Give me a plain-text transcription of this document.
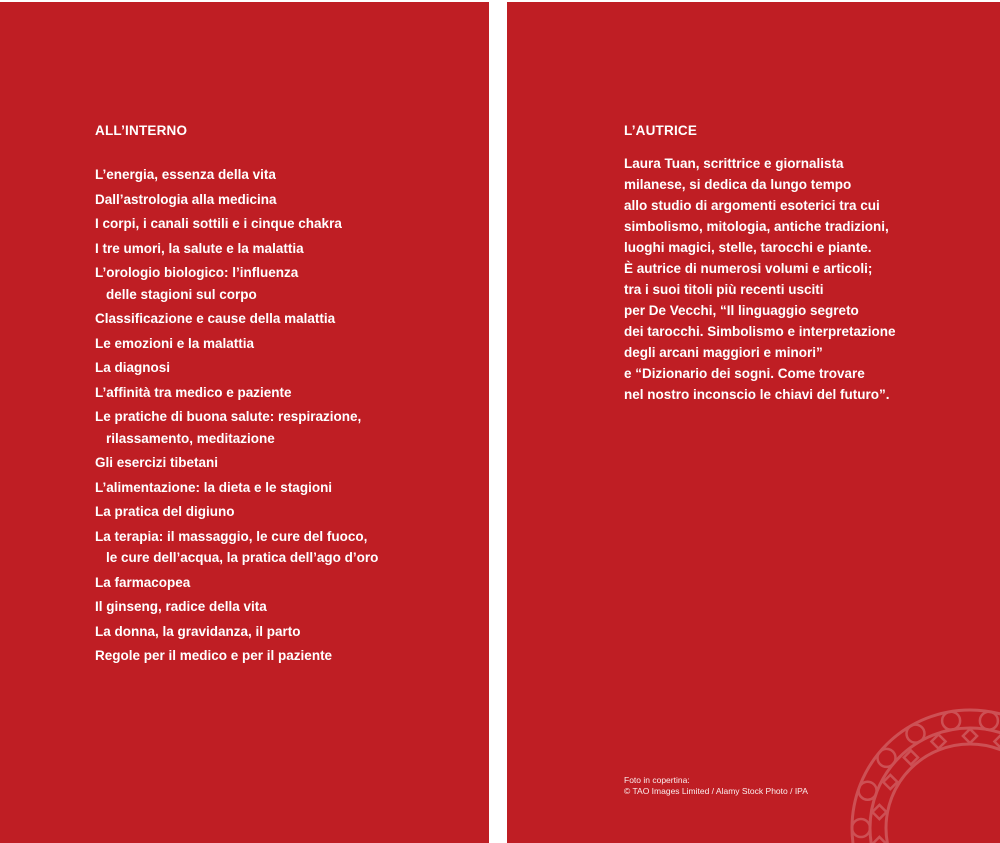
ALL’INTERNO
L’energia, essenza della vita
Dall’astrologia alla medicina
I corpi, i canali sottili e i cinque chakra
I tre umori, la salute e la malattia
L’orologio biologico: l’influenza
delle stagioni sul corpo
Classificazione e cause della malattia
Le emozioni e la malattia
La diagnosi
L’affinità tra medico e paziente
Le pratiche di buona salute: respirazione,
rilassamento, meditazione
Gli esercizi tibetani
L’alimentazione: la dieta e le stagioni
La pratica del digiuno
La terapia: il massaggio, le cure del fuoco,
le cure dell’acqua, la pratica dell’ago d’oro
La farmacopea
Il ginseng, radice della vita
La donna, la gravidanza, il parto
Regole per il medico e per il paziente
L’AUTRICE

Laura Tuan, scrittrice e giornalista
milanese, si dedica da lungo tempo
allo studio di argomenti esoterici tra cui
simbolismo, mitologia, antiche tradizioni,
luoghi magici, stelle, tarocchi e piante.
È autrice di numerosi volumi e articoli;
tra i suoi titoli più recenti usciti
per De Vecchi, “Il linguaggio segreto
dei tarocchi. Simbolismo e interpretazione
degli arcani maggiori e minori”
e “Dizionario dei sogni. Come trovare
nel nostro inconscio le chiavi del futuro”.

Foto in copertina:
© TAO Images Limited / Alamy Stock Photo / IPA
